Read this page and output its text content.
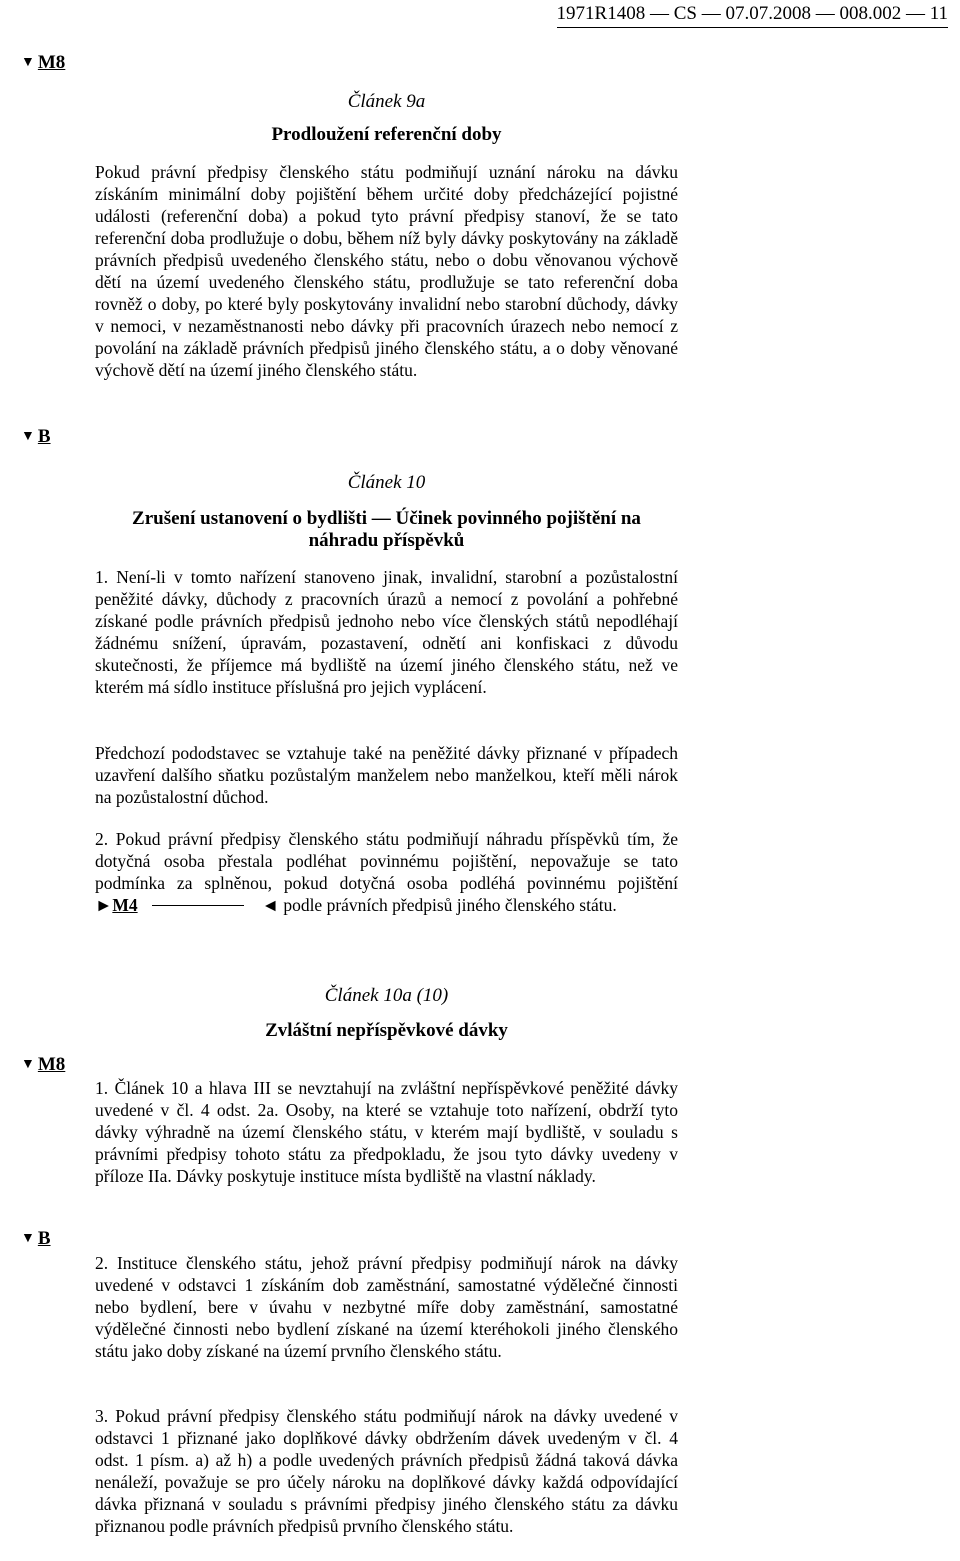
1971R1408 — CS — 07.07.2008 — 008.002 — 11
▼ M8
▼ B
▼ M8
▼ B
Článek 9a
Prodloužení referenční doby
Pokud právní předpisy členského státu podmiňují uznání nároku na dávku získáním minimální doby pojištění během určité doby předcházející pojistné události (referenční doba) a pokud tyto právní předpisy stanoví, že se tato referenční doba prodlužuje o dobu, během níž byly dávky poskytovány na základě právních předpisů uvedeného členského státu, nebo o dobu věnovanou výchově dětí na území uvedeného členského státu, prodlužuje se tato referenční doba rovněž o doby, po které byly poskytovány invalidní nebo starobní důchody, dávky v nemoci, v nezaměstnanosti nebo dávky při pracovních úrazech nebo nemocí z povolání na základě právních předpisů jiného členského státu, a o doby věnované výchově dětí na území jiného členského státu.
Článek 10
Zrušení ustanovení o bydlišti — Účinek povinného pojištění na náhradu příspěvků
1. Není-li v tomto nařízení stanoveno jinak, invalidní, starobní a pozůstalostní peněžité dávky, důchody z pracovních úrazů a nemocí z povolání a pohřebné získané podle právních předpisů jednoho nebo více členských států nepodléhají žádnému snížení, úpravám, pozastavení, odnětí ani konfiskaci z důvodu skutečnosti, že příjemce má bydliště na území jiného členského státu, než ve kterém má sídlo instituce příslušná pro jejich vyplácení.
Předchozí pododstavec se vztahuje také na peněžité dávky přiznané v případech uzavření dalšího sňatku pozůstalým manželem nebo manželkou, kteří měli nárok na pozůstalostní důchod.
2. Pokud právní předpisy členského státu podmiňují náhradu příspěvků tím, že dotyčná osoba přestala podléhat povinnému pojištění, nepovažuje se tato podmínka za splněnou, pokud dotyčná osoba podléhá povinnému pojištění ►M4	◄ podle právních předpisů jiného členského státu.
Článek 10a (10)
Zvláštní nepříspěvkové dávky
1. Článek 10 a hlava III se nevztahují na zvláštní nepříspěvkové peněžité dávky uvedené v čl. 4 odst. 2a. Osoby, na které se vztahuje toto nařízení, obdrží tyto dávky výhradně na území členského státu, v kterém mají bydliště, v souladu s právními předpisy tohoto státu za předpokladu, že jsou tyto dávky uvedeny v příloze IIa. Dávky poskytuje instituce místa bydliště na vlastní náklady.
2. Instituce členského státu, jehož právní předpisy podmiňují nárok na dávky uvedené v odstavci 1 získáním dob zaměstnání, samostatné výdělečné činnosti nebo bydlení, bere v úvahu v nezbytné míře doby zaměstnání, samostatné výdělečné činnosti nebo bydlení získané na území kteréhokoli jiného členského státu jako doby získané na území prvního členského státu.
3. Pokud právní předpisy členského státu podmiňují nárok na dávky uvedené v odstavci 1 přiznané jako doplňkové dávky obdržením dávek uvedeným v čl. 4 odst. 1 písm. a) až h) a podle uvedených právních předpisů žádná taková dávka nenáleží, považuje se pro účely nároku na doplňkové dávky každá odpovídající dávka přiznaná v souladu s právními předpisy jiného členského státu za dávku přiznanou podle právních předpisů prvního členského státu.
